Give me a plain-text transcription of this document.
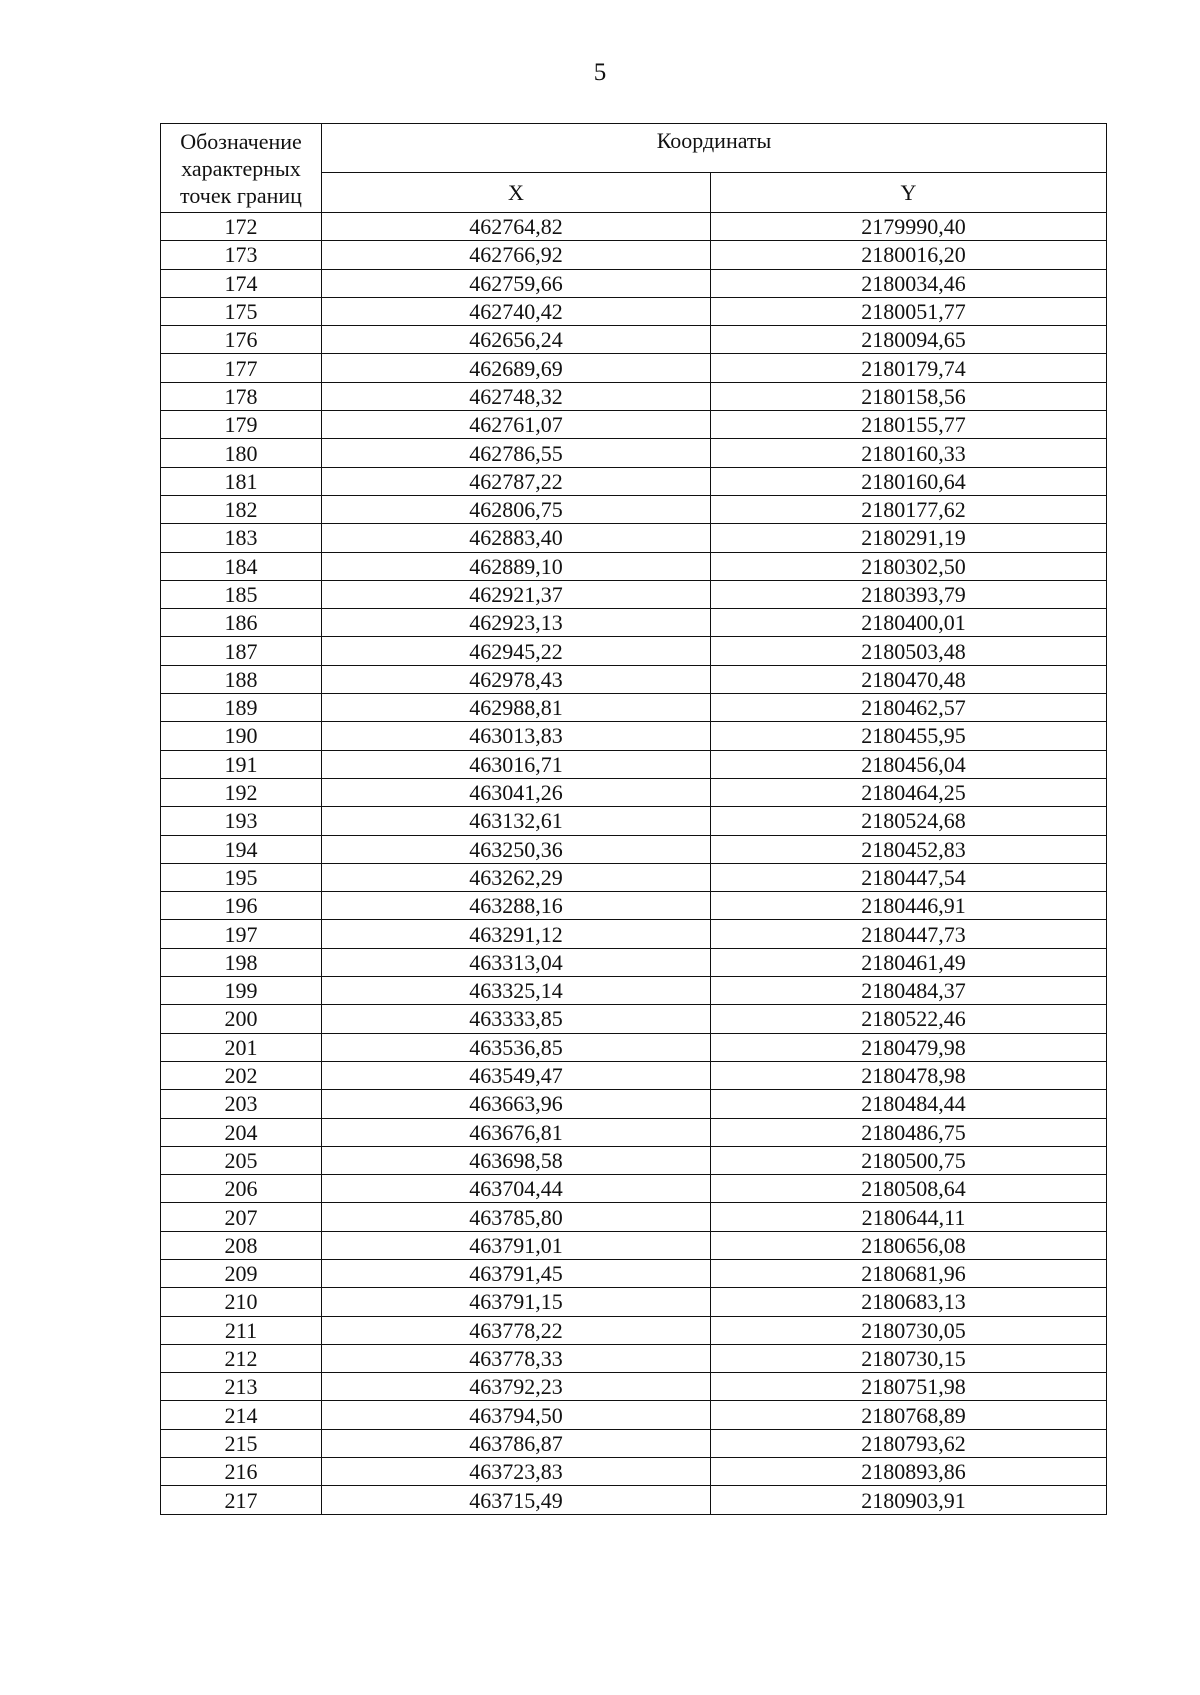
5
Обозначение характерных точек границ	Координаты	
	X	Y
172	462764,82	2179990,40
173	462766,92	2180016,20
174	462759,66	2180034,46
175	462740,42	2180051,77
176	462656,24	2180094,65
177	462689,69	2180179,74
178	462748,32	2180158,56
179	462761,07	2180155,77
180	462786,55	2180160,33
181	462787,22	2180160,64
182	462806,75	2180177,62
183	462883,40	2180291,19
184	462889,10	2180302,50
185	462921,37	2180393,79
186	462923,13	2180400,01
187	462945,22	2180503,48
188	462978,43	2180470,48
189	462988,81	2180462,57
190	463013,83	2180455,95
191	463016,71	2180456,04
192	463041,26	2180464,25
193	463132,61	2180524,68
194	463250,36	2180452,83
195	463262,29	2180447,54
196	463288,16	2180446,91
197	463291,12	2180447,73
198	463313,04	2180461,49
199	463325,14	2180484,37
200	463333,85	2180522,46
201	463536,85	2180479,98
202	463549,47	2180478,98
203	463663,96	2180484,44
204	463676,81	2180486,75
205	463698,58	2180500,75
206	463704,44	2180508,64
207	463785,80	2180644,11
208	463791,01	2180656,08
209	463791,45	2180681,96
210	463791,15	2180683,13
211	463778,22	2180730,05
212	463778,33	2180730,15
213	463792,23	2180751,98
214	463794,50	2180768,89
215	463786,87	2180793,62
216	463723,83	2180893,86
217	463715,49	2180903,91
